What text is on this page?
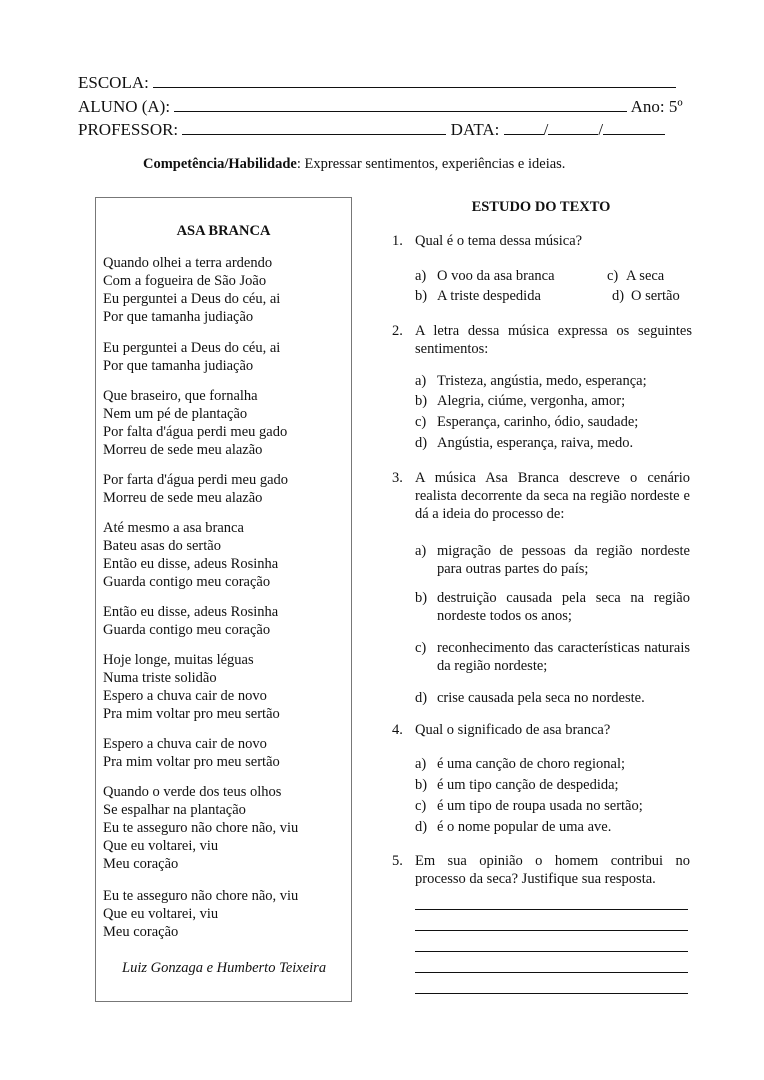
ESCOLA:
ALUNO (A):	Ano: 5º
PROFESSOR:	DATA:	/	/
Competência/Habilidade: Expressar sentimentos, experiências e ideias.
ASA BRANCA
Quando olhei a terra ardendo
Com a fogueira de São João
Eu perguntei a Deus do céu, ai
Por que tamanha judiação
Eu perguntei a Deus do céu, ai
Por que tamanha judiação
Que braseiro, que fornalha
Nem um pé de plantação
Por falta d'água perdi meu gado
Morreu de sede meu alazão
Por farta d'água perdi meu gado
Morreu de sede meu alazão
Até mesmo a asa branca
Bateu asas do sertão
Então eu disse, adeus Rosinha
Guarda contigo meu coração
Então eu disse, adeus Rosinha
Guarda contigo meu coração
Hoje longe, muitas léguas
Numa triste solidão
Espero a chuva cair de novo
Pra mim voltar pro meu sertão
Espero a chuva cair de novo
Pra mim voltar pro meu sertão
Quando o verde dos teus olhos
Se espalhar na plantação
Eu te asseguro não chore não, viu
Que eu voltarei, viu
Meu coração
Eu te asseguro não chore não, viu
Que eu voltarei, viu
Meu coração
Luiz Gonzaga e Humberto Teixeira
ESTUDO DO TEXTO
1. Qual é o tema dessa música?
a) O voo da asa branca
b) A triste despedida
c) A seca
d) O sertão
2. A letra dessa música expressa os seguintes sentimentos:
a) Tristeza, angústia, medo, esperança;
b) Alegria, ciúme, vergonha, amor;
c) Esperança, carinho, ódio, saudade;
d) Angústia, esperança, raiva, medo.
3. A música Asa Branca descreve o cenário realista decorrente da seca na região nordeste e dá a ideia do processo de:
a) migração de pessoas da região nordeste para outras partes do país;
b) destruição causada pela seca na região nordeste todos os anos;
c) reconhecimento das características naturais da região nordeste;
d) crise causada pela seca no nordeste.
4. Qual o significado de asa branca?
a) é uma canção de choro regional;
b) é um tipo canção de despedida;
c) é um tipo de roupa usada no sertão;
d) é o nome popular de uma ave.
5. Em sua opinião o homem contribui no processo da seca? Justifique sua resposta.
